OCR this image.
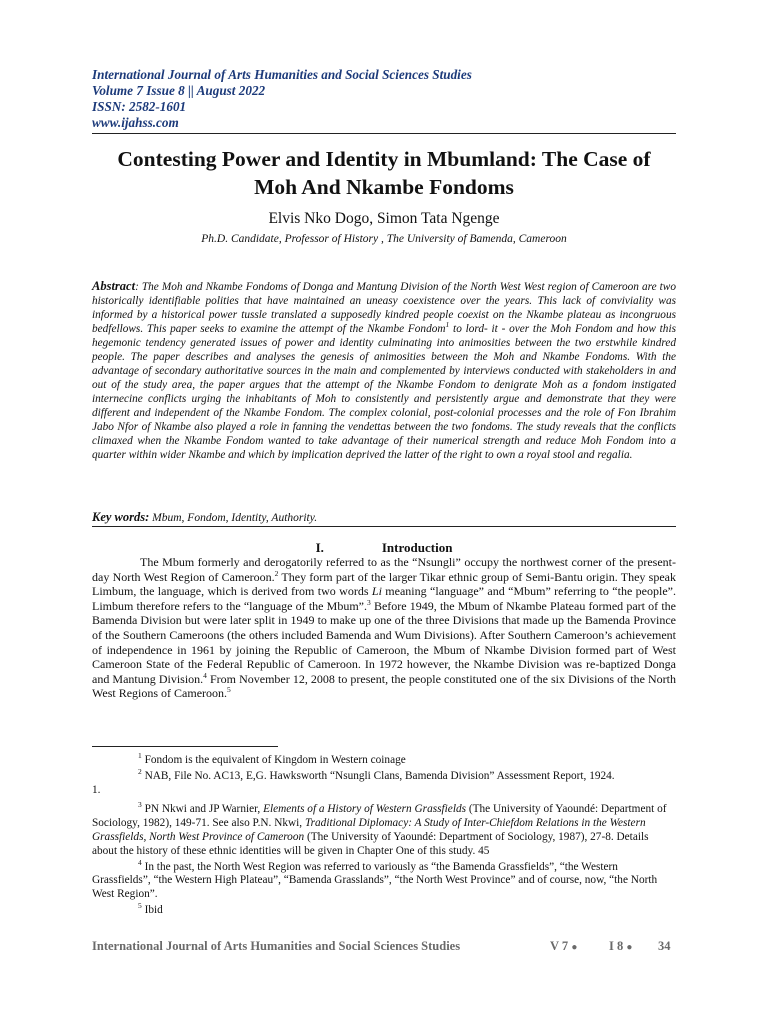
International Journal of Arts Humanities and Social Sciences Studies
Volume 7 Issue 8 || August 2022
ISSN: 2582-1601
www.ijahss.com
Contesting Power and Identity in Mbumland: The Case of
Moh And Nkambe Fondoms
Elvis Nko Dogo, Simon Tata Ngenge
Ph.D. Candidate, Professor of History , The University of Bamenda, Cameroon
Abstract: The Moh and Nkambe Fondoms of Donga and Mantung Division of the North West West region of Cameroon are two historically identifiable polities that have maintained an uneasy coexistence over the years. This lack of conviviality was informed by a historical power tussle translated a supposedly kindred people coexist on the Nkambe plateau as incongruous bedfellows. This paper seeks to examine the attempt of the Nkambe Fondom$^1$ to lord- it - over the Moh Fondom and how this hegemonic tendency generated issues of power and identity culminating into animosities between the two erstwhile kindred people. The paper describes and analyses the genesis of animosities between the Moh and Nkambe Fondoms. With the advantage of secondary authoritative sources in the main and complemented by interviews conducted with stakeholders in and out of the study area, the paper argues that the attempt of the Nkambe Fondom to denigrate Moh as a fondom instigated internecine conflicts urging the inhabitants of Moh to consistently and persistently argue and demonstrate that they were different and independent of the Nkambe Fondom. The complex colonial, post-colonial processes and the role of Fon Ibrahim Jabo Nfor of Nkambe also played a role in fanning the vendettas between the two fondoms. The study reveals that the conflicts climaxed when the Nkambe Fondom wanted to take advantage of their numerical strength and reduce Moh Fondom into a quarter within wider Nkambe and which by implication deprived the latter of the right to own a royal stool and regalia.
Key words: Mbum, Fondom, Identity, Authority.
I.	Introduction

The Mbum formerly and derogatorily referred to as the “Nsungli” occupy the northwest corner of the present-day North West Region of Cameroon.$^2$ They form part of the larger Tikar ethnic group of Semi-Bantu origin. They speak Limbum, the language, which is derived from two words Li meaning “language” and “Mbum” referring to “the people”. Limbum therefore refers to the “language of the Mbum”.$^3$ Before 1949, the Mbum of Nkambe Plateau formed part of the Bamenda Division but were later split in 1949 to make up one of the three Divisions that made up the Bamenda Province of the Southern Cameroons (the others included Bamenda and Wum Divisions). After Southern Cameroon’s achievement of independence in 1961 by joining the Republic of Cameroon, the Mbum of Nkambe Division formed part of West Cameroon State of the Federal Republic of Cameroon. In 1972 however, the Nkambe Division was re-baptized Donga and Mantung Division.$^4$ From November 12, 2008 to present, the people constituted one of the six Divisions of the North West Regions of Cameroon.$^5$

$^1$ Fondom is the equivalent of Kingdom in Western coinage
$^2$ NAB, File No. AC13, E,G. Hawksworth “Nsungli Clans, Bamenda Division” Assessment Report, 1924.
1.
$^3$ PN Nkwi and JP Warnier, Elements of a History of Western Grassfields (The University of Yaoundé: Department of Sociology, 1982), 149-71. See also P.N. Nkwi, Traditional Diplomacy: A Study of Inter-Chiefdom Relations in the Western Grassfields, North West Province of Cameroon (The University of Yaoundé: Department of Sociology, 1987), 27-8. Details about the history of these ethnic identities will be given in Chapter One of this study. 45
$^4$ In the past, the North West Region was referred to variously as “the Bamenda Grassfields”, “the Western Grassfields”, “the Western High Plateau”, “Bamenda Grasslands”, “the North West Province” and of course, now, “the North West Region”.
$^5$ Ibid
International Journal of Arts Humanities and Social Sciences Studies	V 7 ●	I 8 ● 34
